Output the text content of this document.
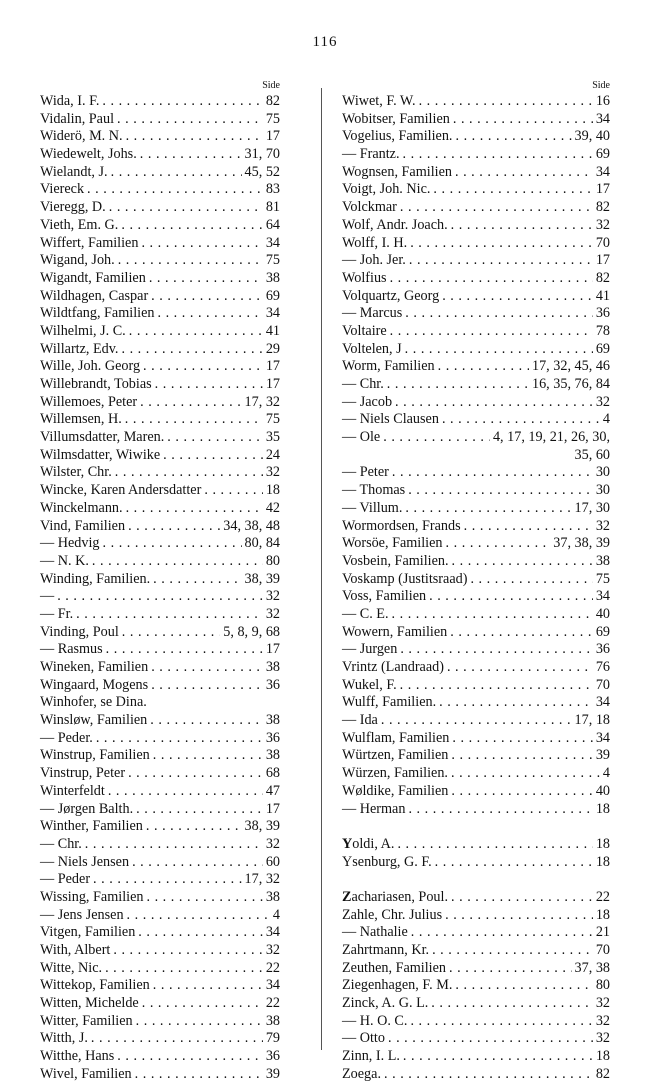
116
Side
Wida, I. F. . . .	82
Vidalin, Paul . . .	75
Widerö, M. N. . . .	17
Wiedewelt, Johs. . . .	31, 70
Wielandt, J. . . .	45, 52
Viereck . . .	83
Vieregg, D. . . .	81
Vieth, Em. G. . . .	64
Wiffert, Familien . . .	34
Wigand, Joh. . . .	75
Wigandt, Familien . . .	38
Wildhagen, Caspar . . .	69
Wildtfang, Familien . . .	34
Wilhelmi, J. C. . . .	41
Willartz, Edv. . . .	29
Wille, Joh. Georg . . .	17
Willebrandt, Tobias . . .	17
Willemoes, Peter . . .	17, 32
Willemsen, H. . . .	75
Villumsdatter, Maren. . . .	35
Wilmsdatter, Wiwike . . .	24
Wilster, Chr. . . .	32
Wincke, Karen Andersdatter . . .	18
Winckelmann. . . .	42
Vind, Familien . . .	34, 38, 48
— Hedvig . . .	80, 84
— N. K. . . .	80
Winding, Familien. . . .	38, 39
— . . .	32
— Fr. . . .	32
Vinding, Poul . . .	5, 8, 9, 68
— Rasmus . . .	17
Wineken, Familien . . .	38
Wingaard, Mogens . . .	36
Winhofer, se Dina.
Winsløw, Familien . . .	38
— Peder. . . .	36
Winstrup, Familien . . .	38
Vinstrup, Peter . . .	68
Winterfeldt . . .	47
— Jørgen Balth. . . .	17
Winther, Familien . . .	38, 39
— Chr. . . .	32
— Niels Jensen . . .	60
— Peder . . .	17, 32
Wissing, Familien . . .	38
— Jens Jensen . . .	4
Vitgen, Familien . . .	34
With, Albert . . .	32
Witte, Nic. . . .	22
Wittekop, Familien . . .	34
Witten, Michelde . . .	22
Witter, Familien . . .	38
Witth, J. . . .	79
Witthe, Hans . . .	36
Wivel, Familien . . .	39
Side
Wiwet, F. W. . . .	16
Wobitser, Familien . . .	34
Vogelius, Familien. . . .	39, 40
— Frantz. . . .	69
Wognsen, Familien . . .	34
Voigt, Joh. Nic. . . .	17
Volckmar . . .	82
Wolf, Andr. Joach. . . .	32
Wolff, I. H. . . .	70
— Joh. Jer. . . .	17
Wolfius . . .	82
Volquartz, Georg . . .	41
— Marcus . . .	36
Voltaire . . .	78
Voltelen, J . . .	69
Worm, Familien . . .	17, 32, 45, 46
— Chr. . . .	16, 35, 76, 84
— Jacob . . .	32
— Niels Clausen . . .	4
— Ole . . .	4, 17, 19, 21, 26, 30,
35, 60
— Peter . . .	30
— Thomas . . .	30
— Villum. . . .	17, 30
Wormordsen, Frands . . .	32
Worsöe, Familien . . .	37, 38, 39
Vosbein, Familien. . . .	38
Voskamp (Justitsraad) . . .	75
Voss, Familien . . .	34
— C. E. . . .	40
Wowern, Familien . . .	69
— Jurgen . . .	36
Vrintz (Landraad) . . .	76
Wukel, F. . . .	70
Wulff, Familien. . . .	34
— Ida . . .	17, 18
Wulflam, Familien . . .	34
Würtzen, Familien . . .	39
Würzen, Familien. . . .	4
Wøldike, Familien . . .	40
— Herman . . .	18
Yoldi, A. . . .	18
Ysenburg, G. F. . . .	18
Zachariasen, Poul. . . .	22
Zahle, Chr. Julius . . .	18
— Nathalie . . .	21
Zahrtmann, Kr. . . .	70
Zeuthen, Familien . . .	37, 38
Ziegenhagen, F. M. . . .	80
Zinck, A. G. L. . . .	32
— H. O. C. . . .	32
— Otto . . .	32
Zinn, I. L. . . .	18
Zoega. . . .	82
